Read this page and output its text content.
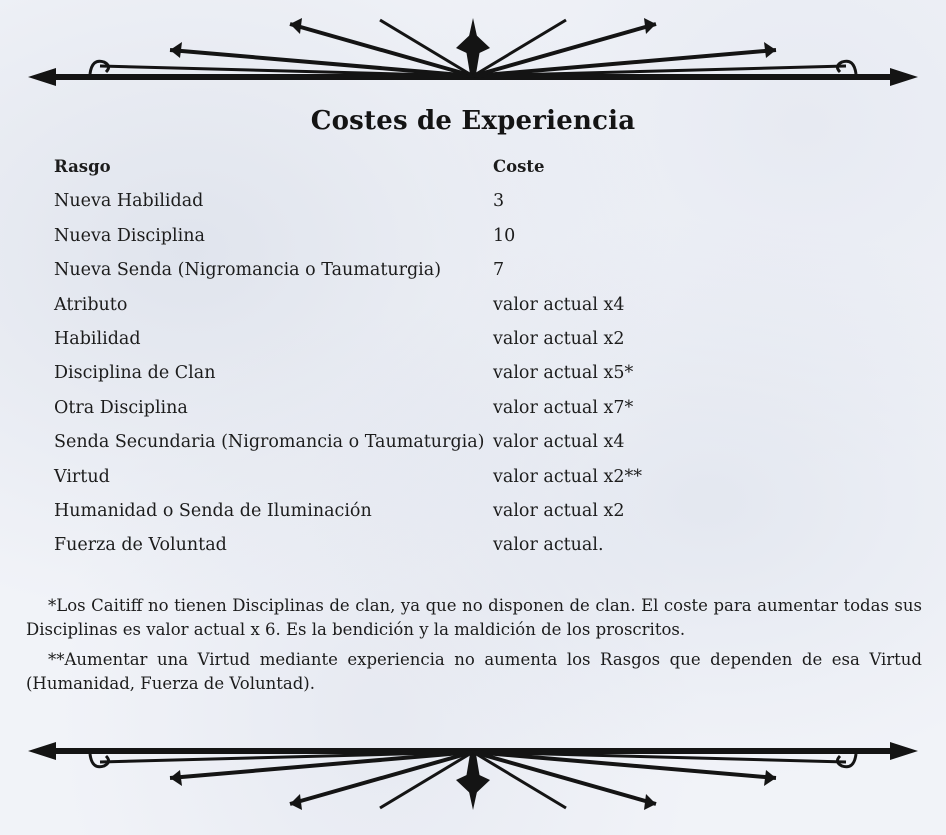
Costes de Experiencia
Rasgo	Coste
Nueva Habilidad	3
Nueva Disciplina	10
Nueva Senda (Nigromancia o Taumaturgia)	7
Atributo	valor actual x4
Habilidad	valor actual x2
Disciplina de Clan	valor actual x5*
Otra Disciplina	valor actual x7*
Senda Secundaria (Nigromancia o Taumaturgia) valor actual x4
Virtud	valor actual x2**
Humanidad o Senda de Iluminación	valor actual x2
Fuerza de Voluntad	valor actual.

*Los Caitiff no tienen Disciplinas de clan, ya que no disponen de clan. El coste para aumentar todas sus Disciplinas es valor actual x 6. Es la bendición y la maldición de los proscritos.

**Aumentar una Virtud mediante experiencia no aumenta los Rasgos que dependen de esa Virtud (Humanidad, Fuerza de Voluntad).
